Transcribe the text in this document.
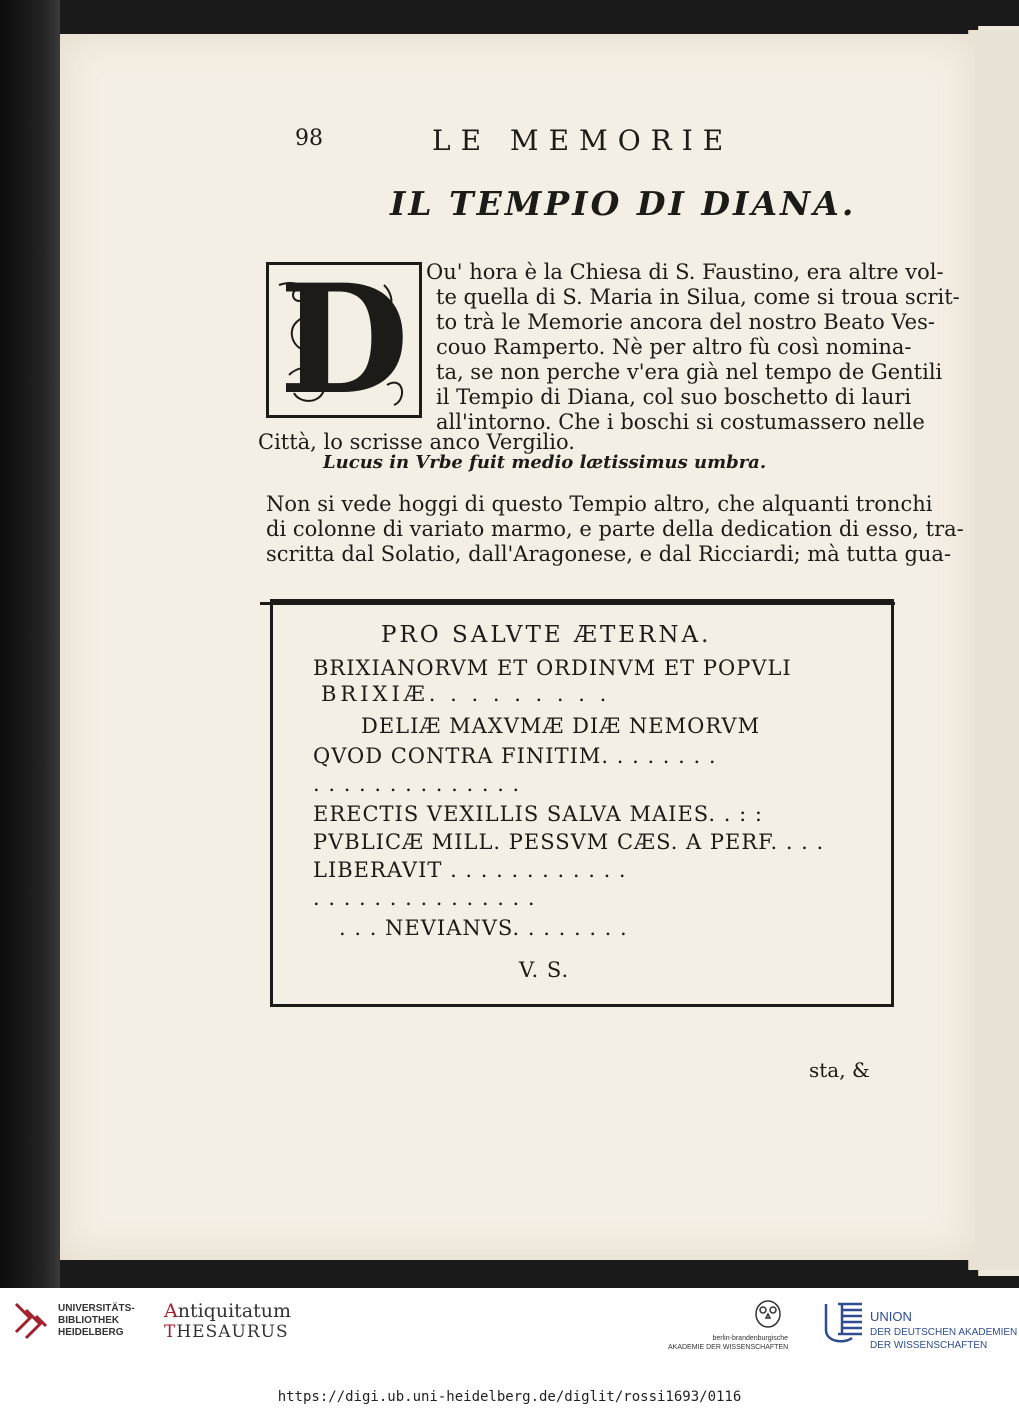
98	LE MEMORIE
IL TEMPIO DI DIANA.
D Ou' hora è la Chiesa di S. Faustino, era altre vol-
te quella di S. Maria in Silua, come si troua scrit-
to trà le Memorie ancora del nostro Beato Ves-
couo Ramperto. Nè per altro fù così nomina-
ta, se non perche v'era già nel tempo de Gentili
il Tempio di Diana, col suo boschetto di lauri
all'intorno. Che i boschi si costumassero nelle
Città, lo scrisse anco Vergilio.
Lucus in Vrbe fuit medio lætissimus umbra.
Non si vede hoggi di questo Tempio altro, che alquanti tronchi
di colonne di variato marmo, e parte della dedication di esso, tra-
scritta dal Solatio, dall'Aragonese, e dal Ricciardi; mà tutta gua-
PRO SALVTE ÆTERNA.
BRIXIANORVM ET ORDINVM ET POPVLI
BRIXIÆ. . . . . . . . .
DELIÆ MAXVMÆ DIÆ NEMORVM
QVOD CONTRA FINITIM. . . . . . . .
. . . . . . . . . . . . . .
ERECTIS VEXILLIS SALVA MAIES. . : :
PVBLICÆ MILL. PESSVM CÆS. A PERF. . . .
LIBERAVIT . . . . . . . . . . . .
. . . . . . . . . . . . . . .
. . . NEVIANVS. . . . . . . .
V. S.
sta, &
UNIVERSITÄTS-
BIBLIOTHEK
HEIDELBERG
Antiquitatum
THESAURUS	berlin-brandenburgische
AKADEMIE DER WISSENSCHAFTEN
UNION
DER DEUTSCHEN AKADEMIEN
DER WISSENSCHAFTEN
https://digi.ub.uni-heidelberg.de/diglit/rossi1693/0116
